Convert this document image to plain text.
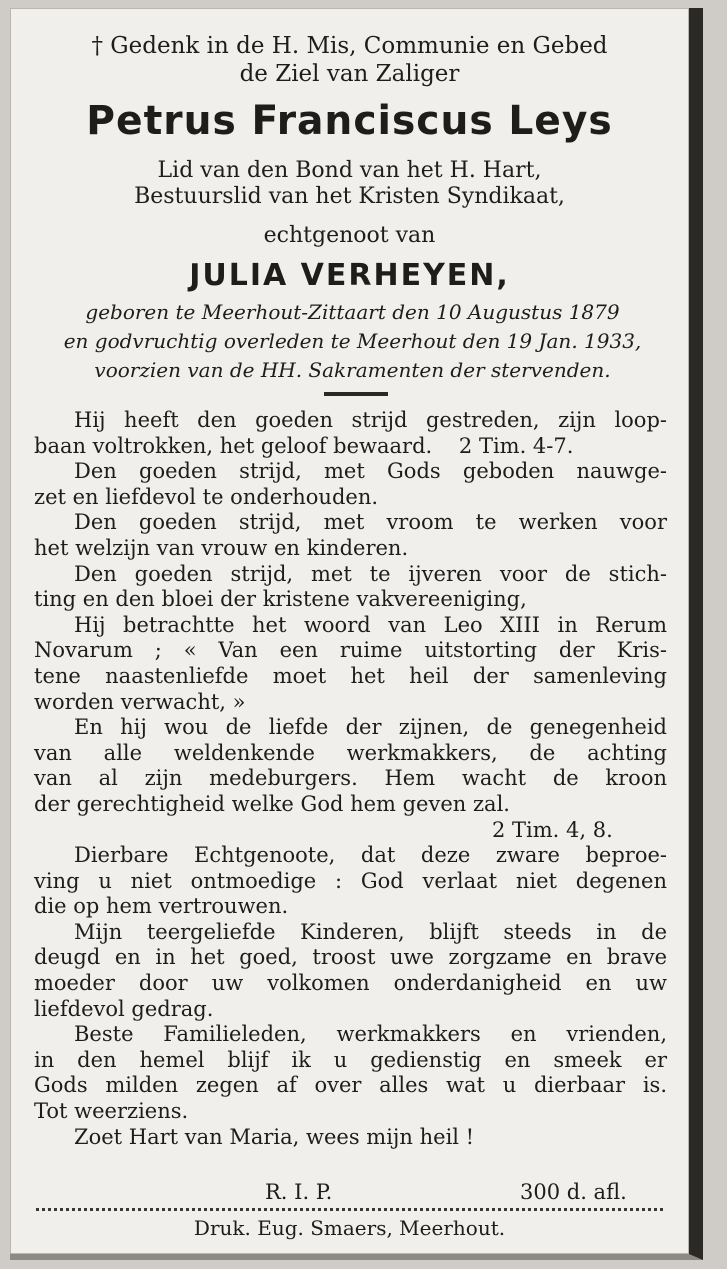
† Gedenk in de H. Mis, Communie en Gebed
de Ziel van Zaliger
Petrus Franciscus Leys
Lid van den Bond van het H. Hart,
Bestuurslid van het Kristen Syndikaat,
echtgenoot van
JULIA VERHEYEN,
geboren te Meerhout-Zittaart den 10 Augustus 1879
en godvruchtig overleden te Meerhout den 19 Jan. 1933,
voorzien van de HH. Sakramenten der stervenden.
Hij heeft den goeden strijd gestreden, zijn loop-
baan voltrokken, het geloof bewaard.    2 Tim. 4-7.
Den goeden strijd, met Gods geboden nauwge-
zet en liefdevol te onderhouden.
Den goeden strijd, met vroom te werken voor
het welzijn van vrouw en kinderen.
Den goeden strijd, met te ijveren voor de stich-
ting en den bloei der kristene vakvereeniging,
Hij betrachtte het woord van Leo XIII in Rerum
Novarum ; « Van een ruime uitstorting der Kris-
tene naastenliefde moet het heil der samenleving
worden verwacht, »
En hij wou de liefde der zijnen, de genegenheid
van alle weldenkende werkmakkers, de achting
van al zijn medeburgers. Hem wacht de kroon
der gerechtigheid welke God hem geven zal.
2 Tim. 4, 8.
Dierbare Echtgenoote, dat deze zware beproe-
ving u niet ontmoedige : God verlaat niet degenen
die op hem vertrouwen.
Mijn teergeliefde Kinderen, blijft steeds in de
deugd en in het goed, troost uwe zorgzame en brave
moeder door uw volkomen onderdanigheid en uw
liefdevol gedrag.
Beste Familieleden, werkmakkers en vrienden,
in den hemel blijf ik u gedienstig en smeek er
Gods milden zegen af over alles wat u dierbaar is.
Tot weerziens.
Zoet Hart van Maria, wees mijn heil !
R. I. P.	300 d. afl.
Druk. Eug. Smaers, Meerhout.
